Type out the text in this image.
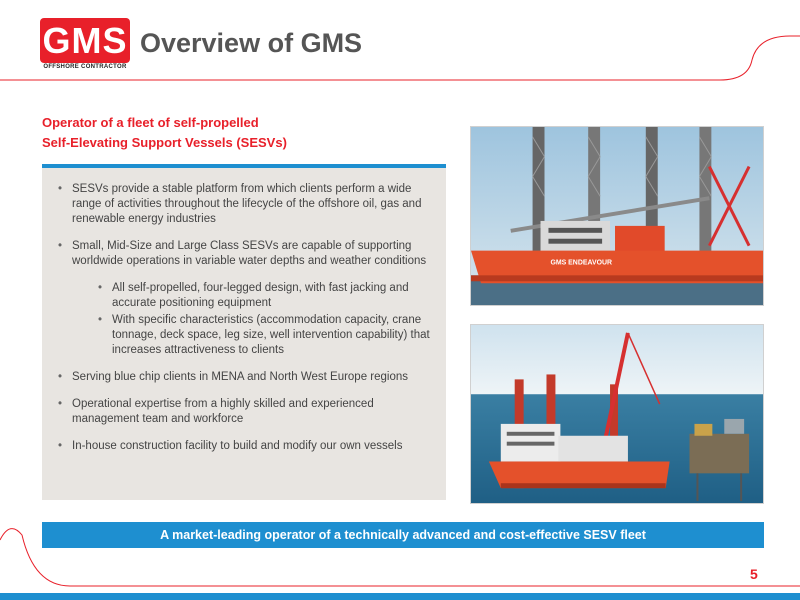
GMS
OFFSHORE CONTRACTOR
Overview of GMS
Operator of a fleet of self-propelled
Self-Elevating Support Vessels (SESVs)
• SESVs provide a stable platform from which clients perform a wide range of activities throughout the lifecycle of the offshore oil, gas and renewable energy industries
• Small, Mid-Size and Large Class SESVs are capable of supporting worldwide operations in variable water depths and weather conditions
• All self-propelled, four-legged design, with fast jacking and accurate positioning equipment
• With specific characteristics (accommodation capacity, crane tonnage, deck space, leg size, well intervention capability) that increases attractiveness to clients
• Serving blue chip clients in MENA and North West Europe regions
• Operational expertise from a highly skilled and experienced management team and workforce
• In-house construction facility to build and modify our own vessels
GMS ENDEAVOUR
A market-leading operator of a technically advanced and cost-effective SESV fleet
5
